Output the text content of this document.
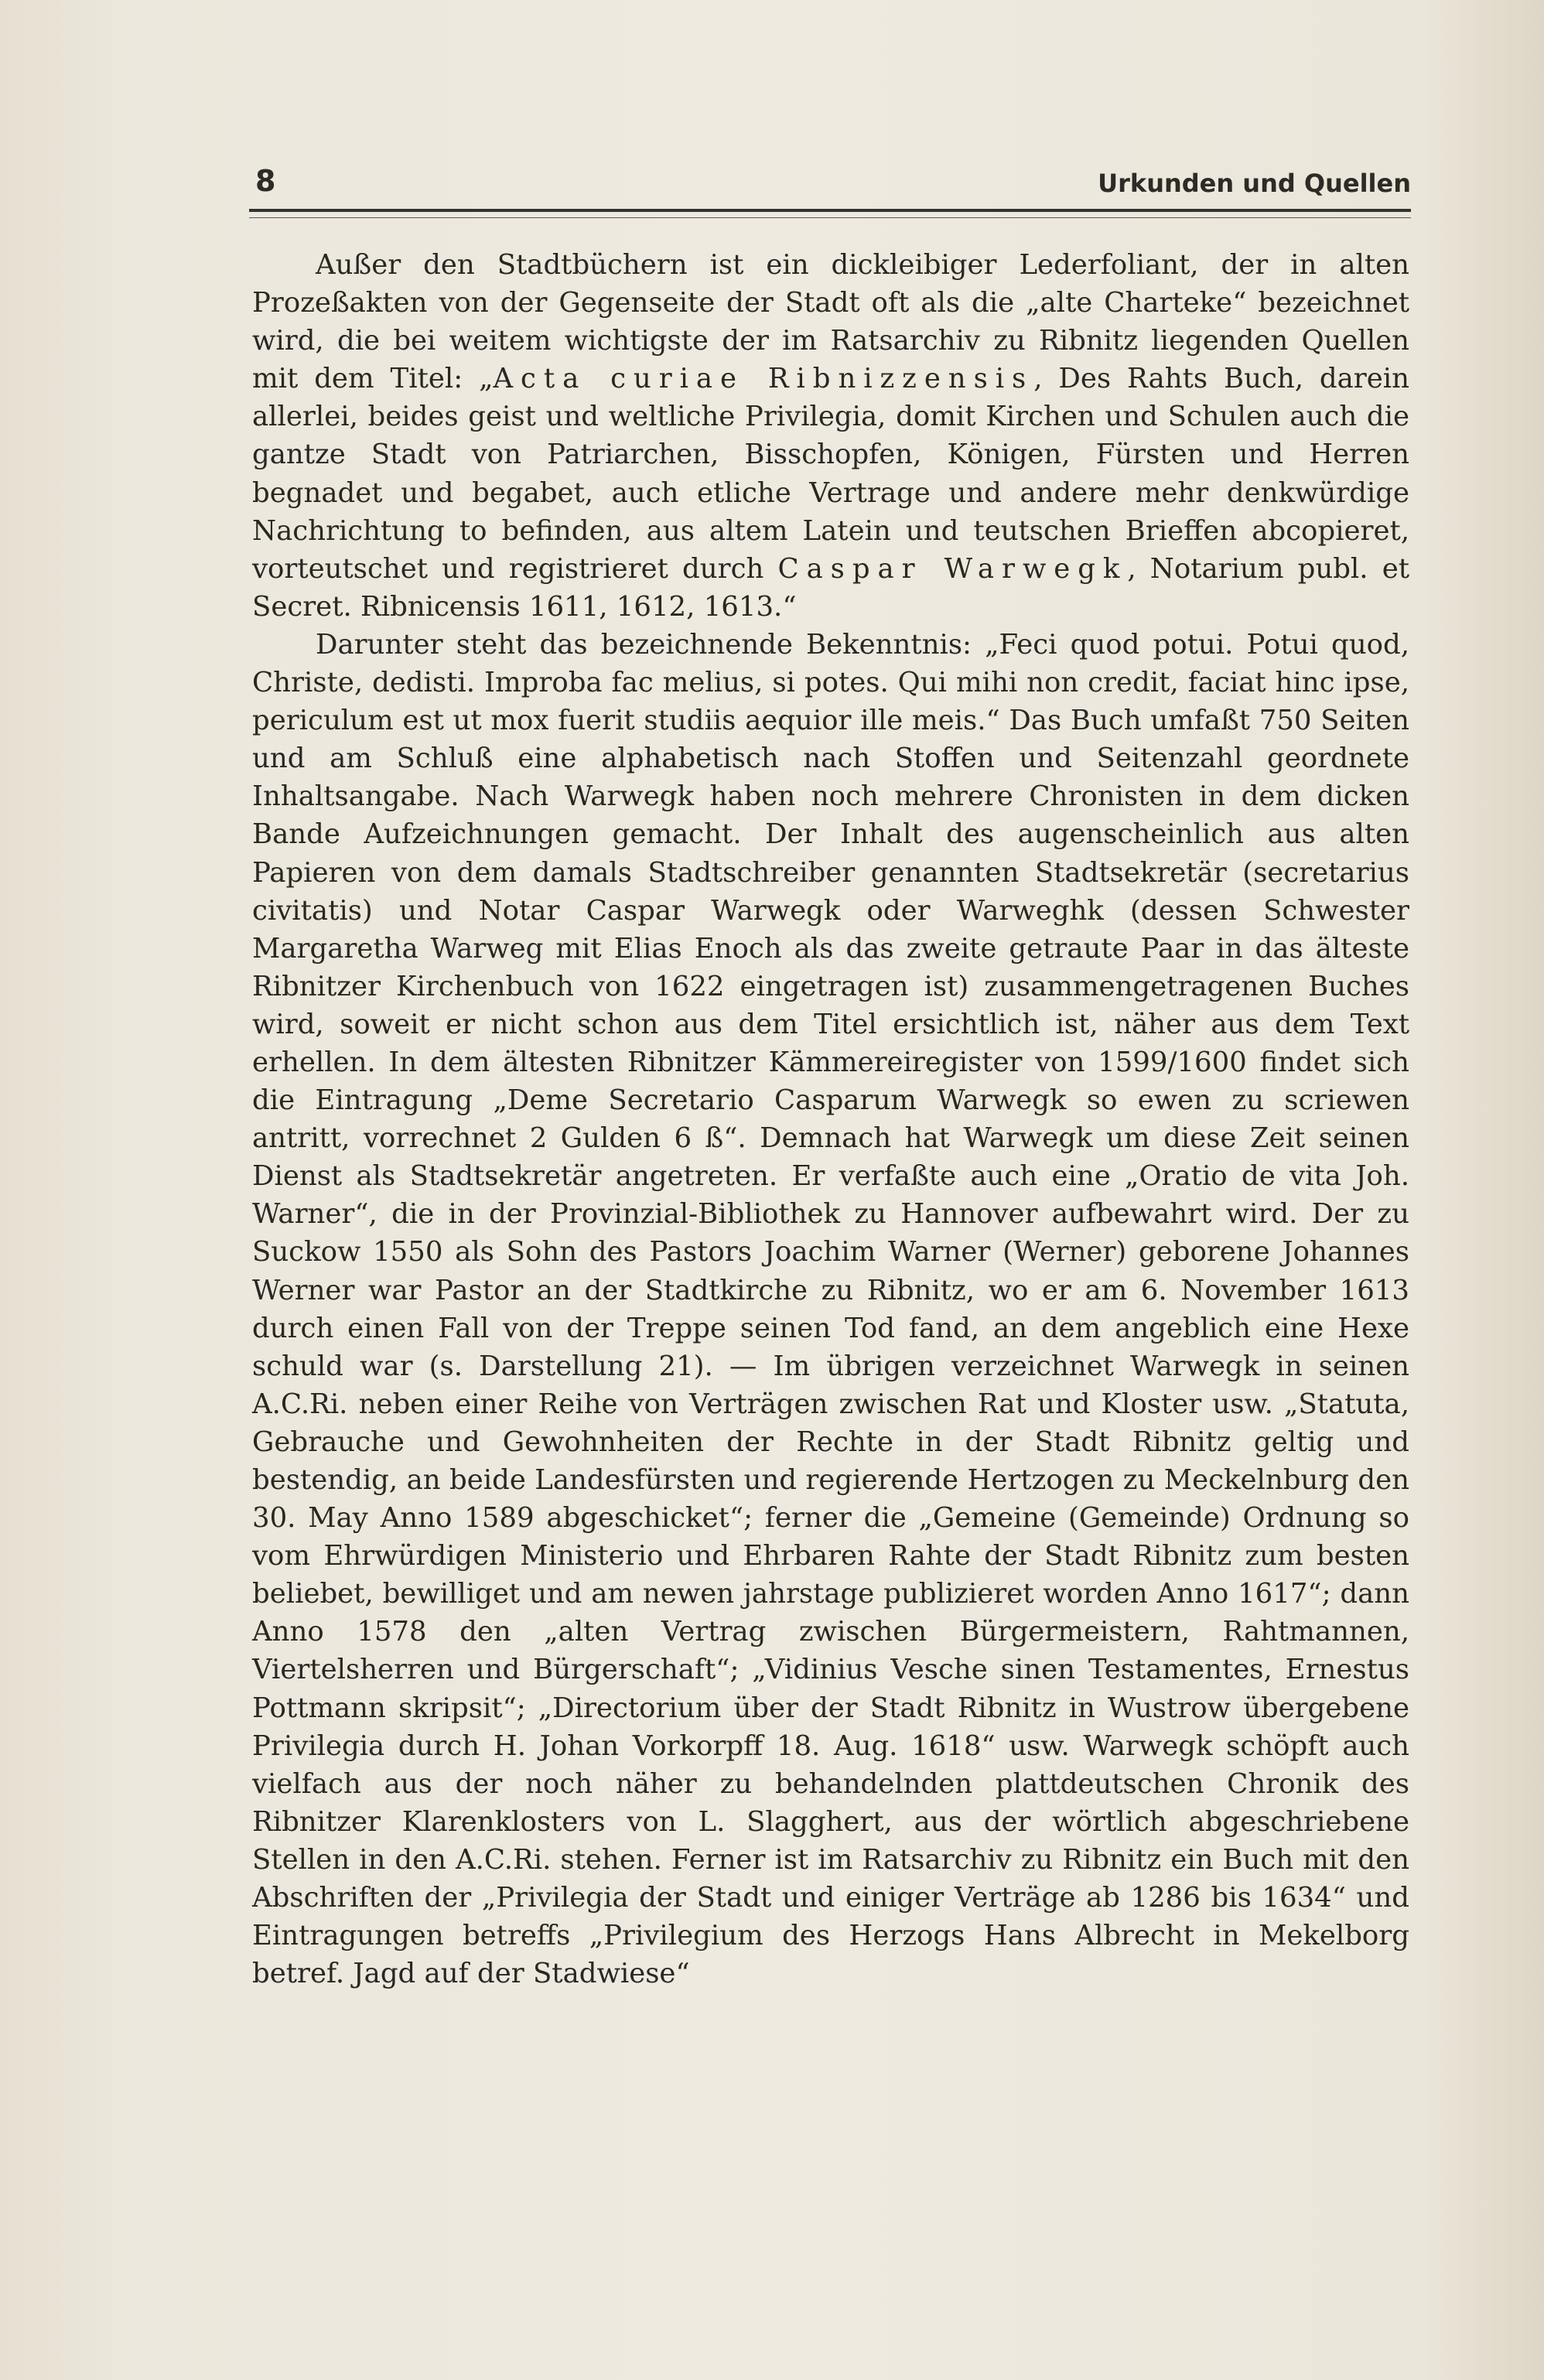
8	Urkunden und Quellen

Außer den Stadtbüchern ist ein dickleibiger Lederfoliant, der in alten Prozeßakten von der Gegenseite der Stadt oft als die „alte Charteke“ bezeichnet wird, die bei weitem wichtigste der im Ratsarchiv zu Ribnitz liegenden Quellen mit dem Titel: „Acta curiae Ribnizzensis, Des Rahts Buch, darein allerlei, beides geist und weltliche Privilegia, domit Kirchen und Schulen auch die gantze Stadt von Patriarchen, Bisschopfen, Königen, Fürsten und Herren begnadet und begabet, auch etliche Vertrage und andere mehr denkwürdige Nachrichtung to befinden, aus altem Latein und teutschen Brieffen abcopieret, vorteutschet und registrieret durch Caspar Warwegk, Notarium publ. et Secret. Ribnicensis 1611, 1612, 1613.“

Darunter steht das bezeichnende Bekenntnis: „Feci quod potui. Potui quod, Christe, dedisti. Improba fac melius, si potes. Qui mihi non credit, faciat hinc ipse, periculum est ut mox fuerit studiis aequior ille meis.“ Das Buch umfaßt 750 Seiten und am Schluß eine alphabetisch nach Stoffen und Seitenzahl geordnete Inhaltsangabe. Nach Warwegk haben noch mehrere Chronisten in dem dicken Bande Aufzeichnungen gemacht. Der Inhalt des augenscheinlich aus alten Papieren von dem damals Stadtschreiber genannten Stadtsekretär (secretarius civitatis) und Notar Caspar Warwegk oder Warweghk (dessen Schwester Margaretha Warweg mit Elias Enoch als das zweite getraute Paar in das älteste Ribnitzer Kirchenbuch von 1622 eingetragen ist) zusammengetragenen Buches wird, soweit er nicht schon aus dem Titel ersichtlich ist, näher aus dem Text erhellen. In dem ältesten Ribnitzer Kämmereiregister von 1599/1600 findet sich die Eintragung „Deme Secretario Casparum Warwegk so ewen zu scriewen antritt, vorrechnet 2 Gulden 6 ß“. Demnach hat Warwegk um diese Zeit seinen Dienst als Stadtsekretär angetreten. Er verfaßte auch eine „Oratio de vita Joh. Warner“, die in der Provinzial-Bibliothek zu Hannover aufbewahrt wird. Der zu Suckow 1550 als Sohn des Pastors Joachim Warner (Werner) geborene Johannes Werner war Pastor an der Stadtkirche zu Ribnitz, wo er am 6. November 1613 durch einen Fall von der Treppe seinen Tod fand, an dem angeblich eine Hexe schuld war (s. Darstellung 21). — Im übrigen verzeichnet Warwegk in seinen A.C.Ri. neben einer Reihe von Verträgen zwischen Rat und Kloster usw. „Statuta, Gebrauche und Gewohnheiten der Rechte in der Stadt Ribnitz geltig und bestendig, an beide Landesfürsten und regierende Hertzogen zu Meckelnburg den 30. May Anno 1589 abgeschicket“; ferner die „Gemeine (Gemeinde) Ordnung so vom Ehrwürdigen Ministerio und Ehrbaren Rahte der Stadt Ribnitz zum besten beliebet, bewilliget und am newen jahrstage publizieret worden Anno 1617“; dann Anno 1578 den „alten Vertrag zwischen Bürgermeistern, Rahtmannen, Viertelsherren und Bürgerschaft“; „Vidinius Vesche sinen Testamentes, Ernestus Pottmann skripsit“; „Directorium über der Stadt Ribnitz in Wustrow übergebene Privilegia durch H. Johan Vorkorpff 18. Aug. 1618“ usw. Warwegk schöpft auch vielfach aus der noch näher zu behandelnden plattdeutschen Chronik des Ribnitzer Klarenklosters von L. Slagghert, aus der wörtlich abgeschriebene Stellen in den A.C.Ri. stehen. Ferner ist im Ratsarchiv zu Ribnitz ein Buch mit den Abschriften der „Privilegia der Stadt und einiger Verträge ab 1286 bis 1634“ und Eintragungen betreffs „Privilegium des Herzogs Hans Albrecht in Mekelborg betref. Jagd auf der Stadwiese“
